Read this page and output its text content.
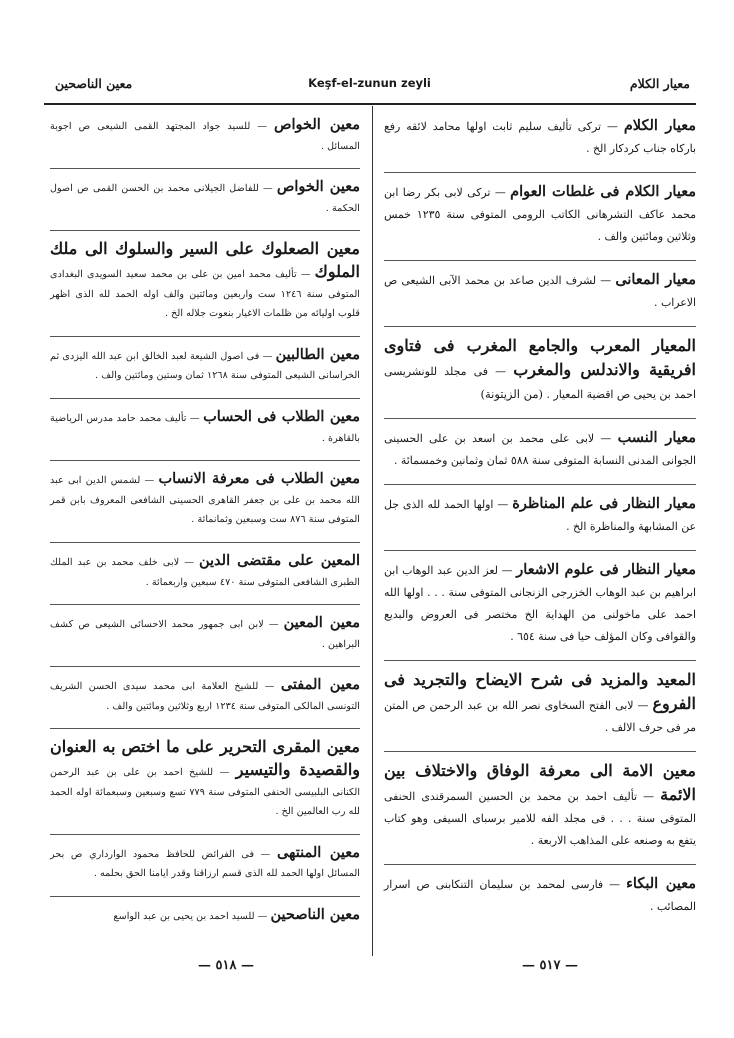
معين الناصحين	Keşf-el-zunun zeyli	معيار الكلام

معيار الكلام — تركى تأليف سليم ثابت اولها محامد لائقه رفع باركاه جناب كردكار الخ .

معيار الكلام فى غلطات العوام — تركى لابى بكر رضا ابن محمد عاكف التشرهانى الكاتب الرومى المتوفى سنة ١٢٣٥ خمس وثلاثين ومائتين والف .

معيار المعانى — لشرف الدين صاعد بن محمد الآبى الشيعى ص الاعراب .

المعيار المعرب والجامع المغرب فى فتاوى افريقية والاندلس والمغرب — فى مجلد للونشريسى احمد بن يحيى ص اقضية المعيار . (من الزيتونة)

معيار النسب — لابى على محمد بن اسعد بن على الحسينى الجوانى المدنى النسابة المتوفى سنة ٥٨٨ ثمان وثمانين وخمسمائة .

معيار النظار فى علم المناظرة — اولها الحمد لله الذى جل عن المشابهة والمناظرة الخ .

معيار النظار فى علوم الاشعار — لعز الدين عبد الوهاب ابن ابراهيم بن عبد الوهاب الخزرجى الزنجانى المتوفى سنة . . . اولها الله احمد على ماخولنى من الهداية الخ مختصر فى العروض والبديع والقوافى وكان المؤلف حيا فى سنة ٦٥٤ .

المعيد والمزيد فى شرح الايضاح والتجريد فى الفروع — لابى الفتح السخاوى نصر الله بن عبد الرحمن ص المتن مر فى حرف الالف .

معين الامة الى معرفة الوفاق والاختلاف بين الائمة — تأليف احمد بن محمد بن الحسين السمرقندى الحنفى المتوفى سنة . . . فى مجلد الفه للامير برسباى السيفى وهو كتاب يتفع به وصنعه على المذاهب الاربعة .

معين البكاء — فارسى لمحمد بن سليمان التنكابنى ص اسرار المصائب .

معين الخواص — للسيد جواد المجتهد القمى الشيعى ص اجوبة المسائل .

معين الخواص — للفاضل الجيلانى محمد بن الحسن القمى ص اصول الحكمة .

معين الصعلوك على السير والسلوك الى ملك الملوك — تأليف محمد امين بن على بن محمد سعيد السويدى البغدادى المتوفى سنة ١٢٤٦ ست واربعين ومائتين والف اوله الحمد لله الذى اظهر قلوب اوليائه من ظلمات الاغيار بنعوت جلاله الخ .

معين الطالبين — فى اصول الشيعة لعبد الخالق ابن عبد الله اليزدى ثم الخراسانى الشيعى المتوفى سنة ١٢٦٨ ثمان وستين ومائتين والف .

معين الطلاب فى الحساب — تأليف محمد حامد مدرس الرياضية بالقاهرة .

معين الطلاب فى معرفة الانساب — لشمس الدين ابى عبد الله محمد بن على بن جعفر القاهرى الحسينى الشافعى المعروف بابن قمر المتوفى سنة ٨٧٦ ست وسبعين وثمانمائة .

المعين على مقتضى الدين — لابى خلف محمد بن عبد الملك الطبرى الشافعى المتوفى سنة ٤٧٠ سبعين واربعمائة .

معين المعين — لابن ابى جمهور محمد الاحسائى الشيعى ص كشف البراهين .

معين المفتى — للشيخ العلامة ابى محمد سيدى الحسن الشريف التونسى المالكى المتوفى سنة ١٢٣٤ اربع وثلاثين ومائتين والف .

معين المقرى التحرير على ما اختص به العنوان والقصيدة والتيسير — للشيخ احمد بن على بن عبد الرحمن الكنانى البلبيسى الحنفى المتوفى سنة ٧٧٩ تسع وسبعين وسبعمائة اوله الحمد لله رب العالمين الخ .

معين المنتهى — فى الفرائض للحافظ محمود الوارداري ص بحر المسائل اولها الحمد لله الذى قسم ارزاقنا وقدر ايامنا الحق بحلمه .

معين الناصحين — للسيد احمد بن يحيى بن عبد الواسع

— ٥١٨ —	— ٥١٧ —
